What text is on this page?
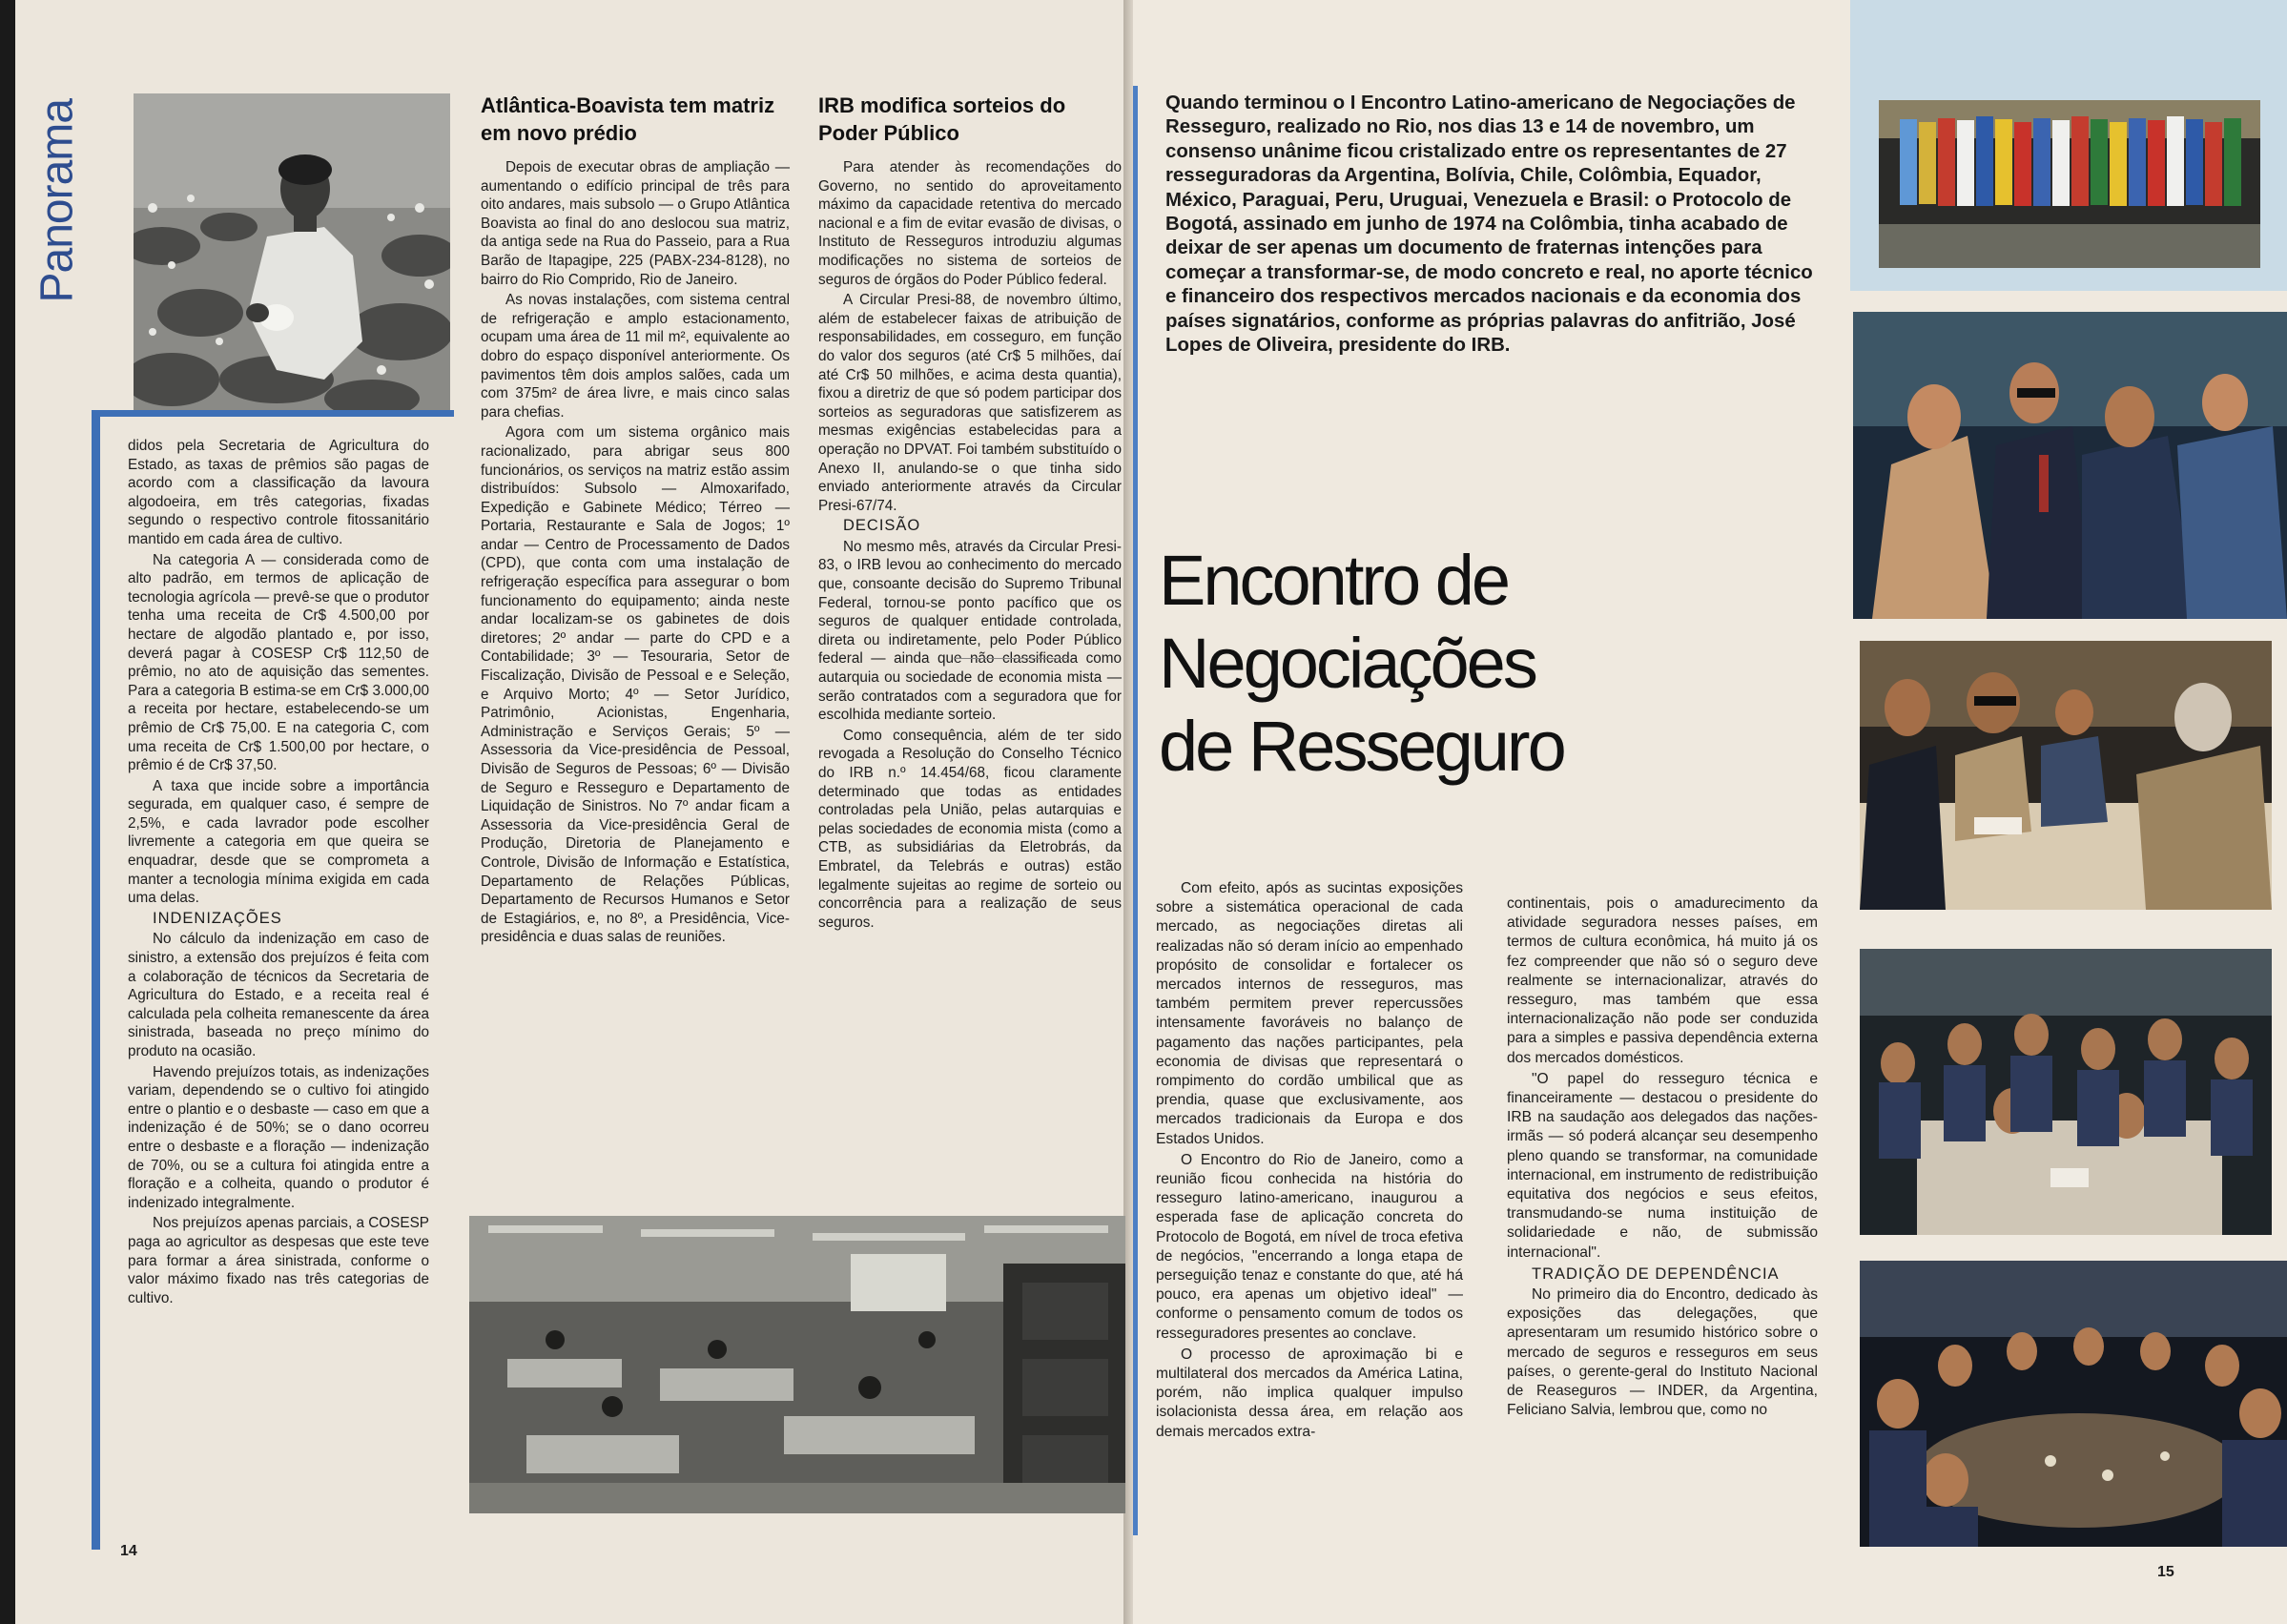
Panorama

didos pela Secretaria de Agricultura do Estado, as taxas de prêmios são pagas de acordo com a classificação da lavoura algodoeira, em três categorias, fixadas segundo o respectivo controle fitossanitário mantido em cada área de cultivo.

Na categoria A — considerada como de alto padrão, em termos de aplicação de tecnologia agrícola — prevê-se que o produtor tenha uma receita de Cr$ 4.500,00 por hectare de algodão plantado e, por isso, deverá pagar à COSESP Cr$ 112,50 de prêmio, no ato de aquisição das sementes. Para a categoria B estima-se em Cr$ 3.000,00 a receita por hectare, estabelecendo-se um prêmio de Cr$ 75,00. E na categoria C, com uma receita de Cr$ 1.500,00 por hectare, o prêmio é de Cr$ 37,50.

A taxa que incide sobre a importância segurada, em qualquer caso, é sempre de 2,5%, e cada lavrador pode escolher livremente a categoria em que queira se enquadrar, desde que se comprometa a manter a tecnologia mínima exigida em cada uma delas.

INDENIZAÇÕES

No cálculo da indenização em caso de sinistro, a extensão dos prejuízos é feita com a colaboração de técnicos da Secretaria de Agricultura do Estado, e a receita real é calculada pela colheita remanescente da área sinistrada, baseada no preço mínimo do produto na ocasião.

Havendo prejuízos totais, as indenizações variam, dependendo se o cultivo foi atingido entre o plantio e o desbaste — caso em que a indenização é de 50%; se o dano ocorreu entre o desbaste e a floração — indenização de 70%, ou se a cultura foi atingida entre a floração e a colheita, quando o produtor é indenizado integralmente.

Nos prejuízos apenas parciais, a COSESP paga ao agricultor as despesas que este teve para formar a área sinistrada, conforme o valor máximo fixado nas três categorias de cultivo.

14
Atlântica-Boavista tem matriz em novo prédio

Depois de executar obras de ampliação — aumentando o edifício principal de três para oito andares, mais subsolo — o Grupo Atlântica Boavista ao final do ano deslocou sua matriz, da antiga sede na Rua do Passeio, para a Rua Barão de Itapagipe, 225 (PABX-234-8128), no bairro do Rio Comprido, Rio de Janeiro.

As novas instalações, com sistema central de refrigeração e amplo estacionamento, ocupam uma área de 11 mil m², equivalente ao dobro do espaço disponível anteriormente. Os pavimentos têm dois amplos salões, cada um com 375m² de área livre, e mais cinco salas para chefias.

Agora com um sistema orgânico mais racionalizado, para abrigar seus 800 funcionários, os serviços na matriz estão assim distribuídos: Subsolo — Almoxarifado, Expedição e Gabinete Médico; Térreo — Portaria, Restaurante e Sala de Jogos; 1º andar — Centro de Processamento de Dados (CPD), que conta com uma instalação de refrigeração específica para assegurar o bom funcionamento do equipamento; ainda neste andar localizam-se os gabinetes de dois diretores; 2º andar — parte do CPD e a Contabilidade; 3º — Tesouraria, Setor de Fiscalização, Divisão de Pessoal e e Seleção, e Arquivo Morto; 4º — Setor Jurídico, Patrimônio, Acionistas, Engenharia, Administração e Serviços Gerais; 5º — Assessoria da Vice-presidência de Pessoal, Divisão de Seguros de Pessoas; 6º — Divisão de Seguro e Resseguro e Departamento de Liquidação de Sinistros. No 7º andar ficam a Assessoria da Vice-presidência Geral de Produção, Diretoria de Planejamento e Controle, Divisão de Informação e Estatística, Departamento de Relações Públicas, Departamento de Recursos Humanos e Setor de Estagiários, e, no 8º, a Presidência, Vice-presidência e duas salas de reuniões.

IRB modifica sorteios do Poder Público

Para atender às recomendações do Governo, no sentido do aproveitamento máximo da capacidade retentiva do mercado nacional e a fim de evitar evasão de divisas, o Instituto de Resseguros introduziu algumas modificações no sistema de sorteios de seguros de órgãos do Poder Público federal.

A Circular Presi-88, de novembro último, além de estabelecer faixas de atribuição de responsabilidades, em cosseguro, em função do valor dos seguros (até Cr$ 5 milhões, daí até Cr$ 50 milhões, e acima desta quantia), fixou a diretriz de que só podem participar dos sorteios as seguradoras que satisfizerem as mesmas exigências estabelecidas para a operação no DPVAT. Foi também substituído o Anexo II, anulando-se o que tinha sido enviado anteriormente através da Circular Presi-67/74.

DECISÃO

No mesmo mês, através da Circular Presi-83, o IRB levou ao conhecimento do mercado que, consoante decisão do Supremo Tribunal Federal, tornou-se ponto pacífico que os seguros de qualquer entidade controlada, direta ou indiretamente, pelo Poder Público federal — ainda que não classificada como autarquia ou sociedade de economia mista — serão contratados com a seguradora que for escolhida mediante sorteio.

Como consequência, além de ter sido revogada a Resolução do Conselho Técnico do IRB n.º 14.454/68, ficou claramente determinado que todas as entidades controladas pela União, pelas autarquias e pelas sociedades de economia mista (como a CTB, as subsidiárias da Eletrobrás, da Embratel, da Telebrás e outras) estão legalmente sujeitas ao regime de sorteio ou concorrência para a realização de seus seguros.

Quando terminou o I Encontro Latino-americano de Negociações de Resseguro, realizado no Rio, nos dias 13 e 14 de novembro, um consenso unânime ficou cristalizado entre os representantes de 27 resseguradoras da Argentina, Bolívia, Chile, Colômbia, Equador, México, Paraguai, Peru, Uruguai, Venezuela e Brasil: o Protocolo de Bogotá, assinado em junho de 1974 na Colômbia, tinha acabado de deixar de ser apenas um documento de fraternas intenções para começar a transformar-se, de modo concreto e real, no aporte técnico e financeiro dos respectivos mercados nacionais e da economia dos países signatários, conforme as próprias palavras do anfitrião, José Lopes de Oliveira, presidente do IRB.
Encontro de
Negociações
de Resseguro

Com efeito, após as sucintas exposições sobre a sistemática operacional de cada mercado, as negociações diretas ali realizadas não só deram início ao empenhado propósito de consolidar e fortalecer os mercados internos de resseguros, mas também permitem prever repercussões intensamente favoráveis no balanço de pagamento das nações participantes, pela economia de divisas que representará o rompimento do cordão umbilical que as prendia, quase que exclusivamente, aos mercados tradicionais da Europa e dos Estados Unidos.

O Encontro do Rio de Janeiro, como a reunião ficou conhecida na história do resseguro latino-americano, inaugurou a esperada fase de aplicação concreta do Protocolo de Bogotá, em nível de troca efetiva de negócios, "encerrando a longa etapa de perseguição tenaz e constante do que, até há pouco, era apenas um objetivo ideal" — conforme o pensamento comum de todos os resseguradores presentes ao conclave.

O processo de aproximação bi e multilateral dos mercados da América Latina, porém, não implica qualquer impulso isolacionista dessa área, em relação aos demais mercados extra-

continentais, pois o amadurecimento da atividade seguradora nesses países, em termos de cultura econômica, há muito já os fez compreender que não só o seguro deve realmente se internacionalizar, através do resseguro, mas também que essa internacionalização não pode ser conduzida para a simples e passiva dependência externa dos mercados domésticos.

"O papel do resseguro técnica e financeiramente — destacou o presidente do IRB na saudação aos delegados das nações-irmãs — só poderá alcançar seu desempenho pleno quando se transformar, na comunidade internacional, em instrumento de redistribuição equitativa dos negócios e seus efeitos, transmudando-se numa instituição de solidariedade e não, de submissão internacional".

TRADIÇÃO DE DEPENDÊNCIA

No primeiro dia do Encontro, dedicado às exposições das delegações, que apresentaram um resumido histórico sobre o mercado de seguros e resseguros em seus países, o gerente-geral do Instituto Nacional de Reaseguros — INDER, da Argentina, Feliciano Salvia, lembrou que, como no

15
